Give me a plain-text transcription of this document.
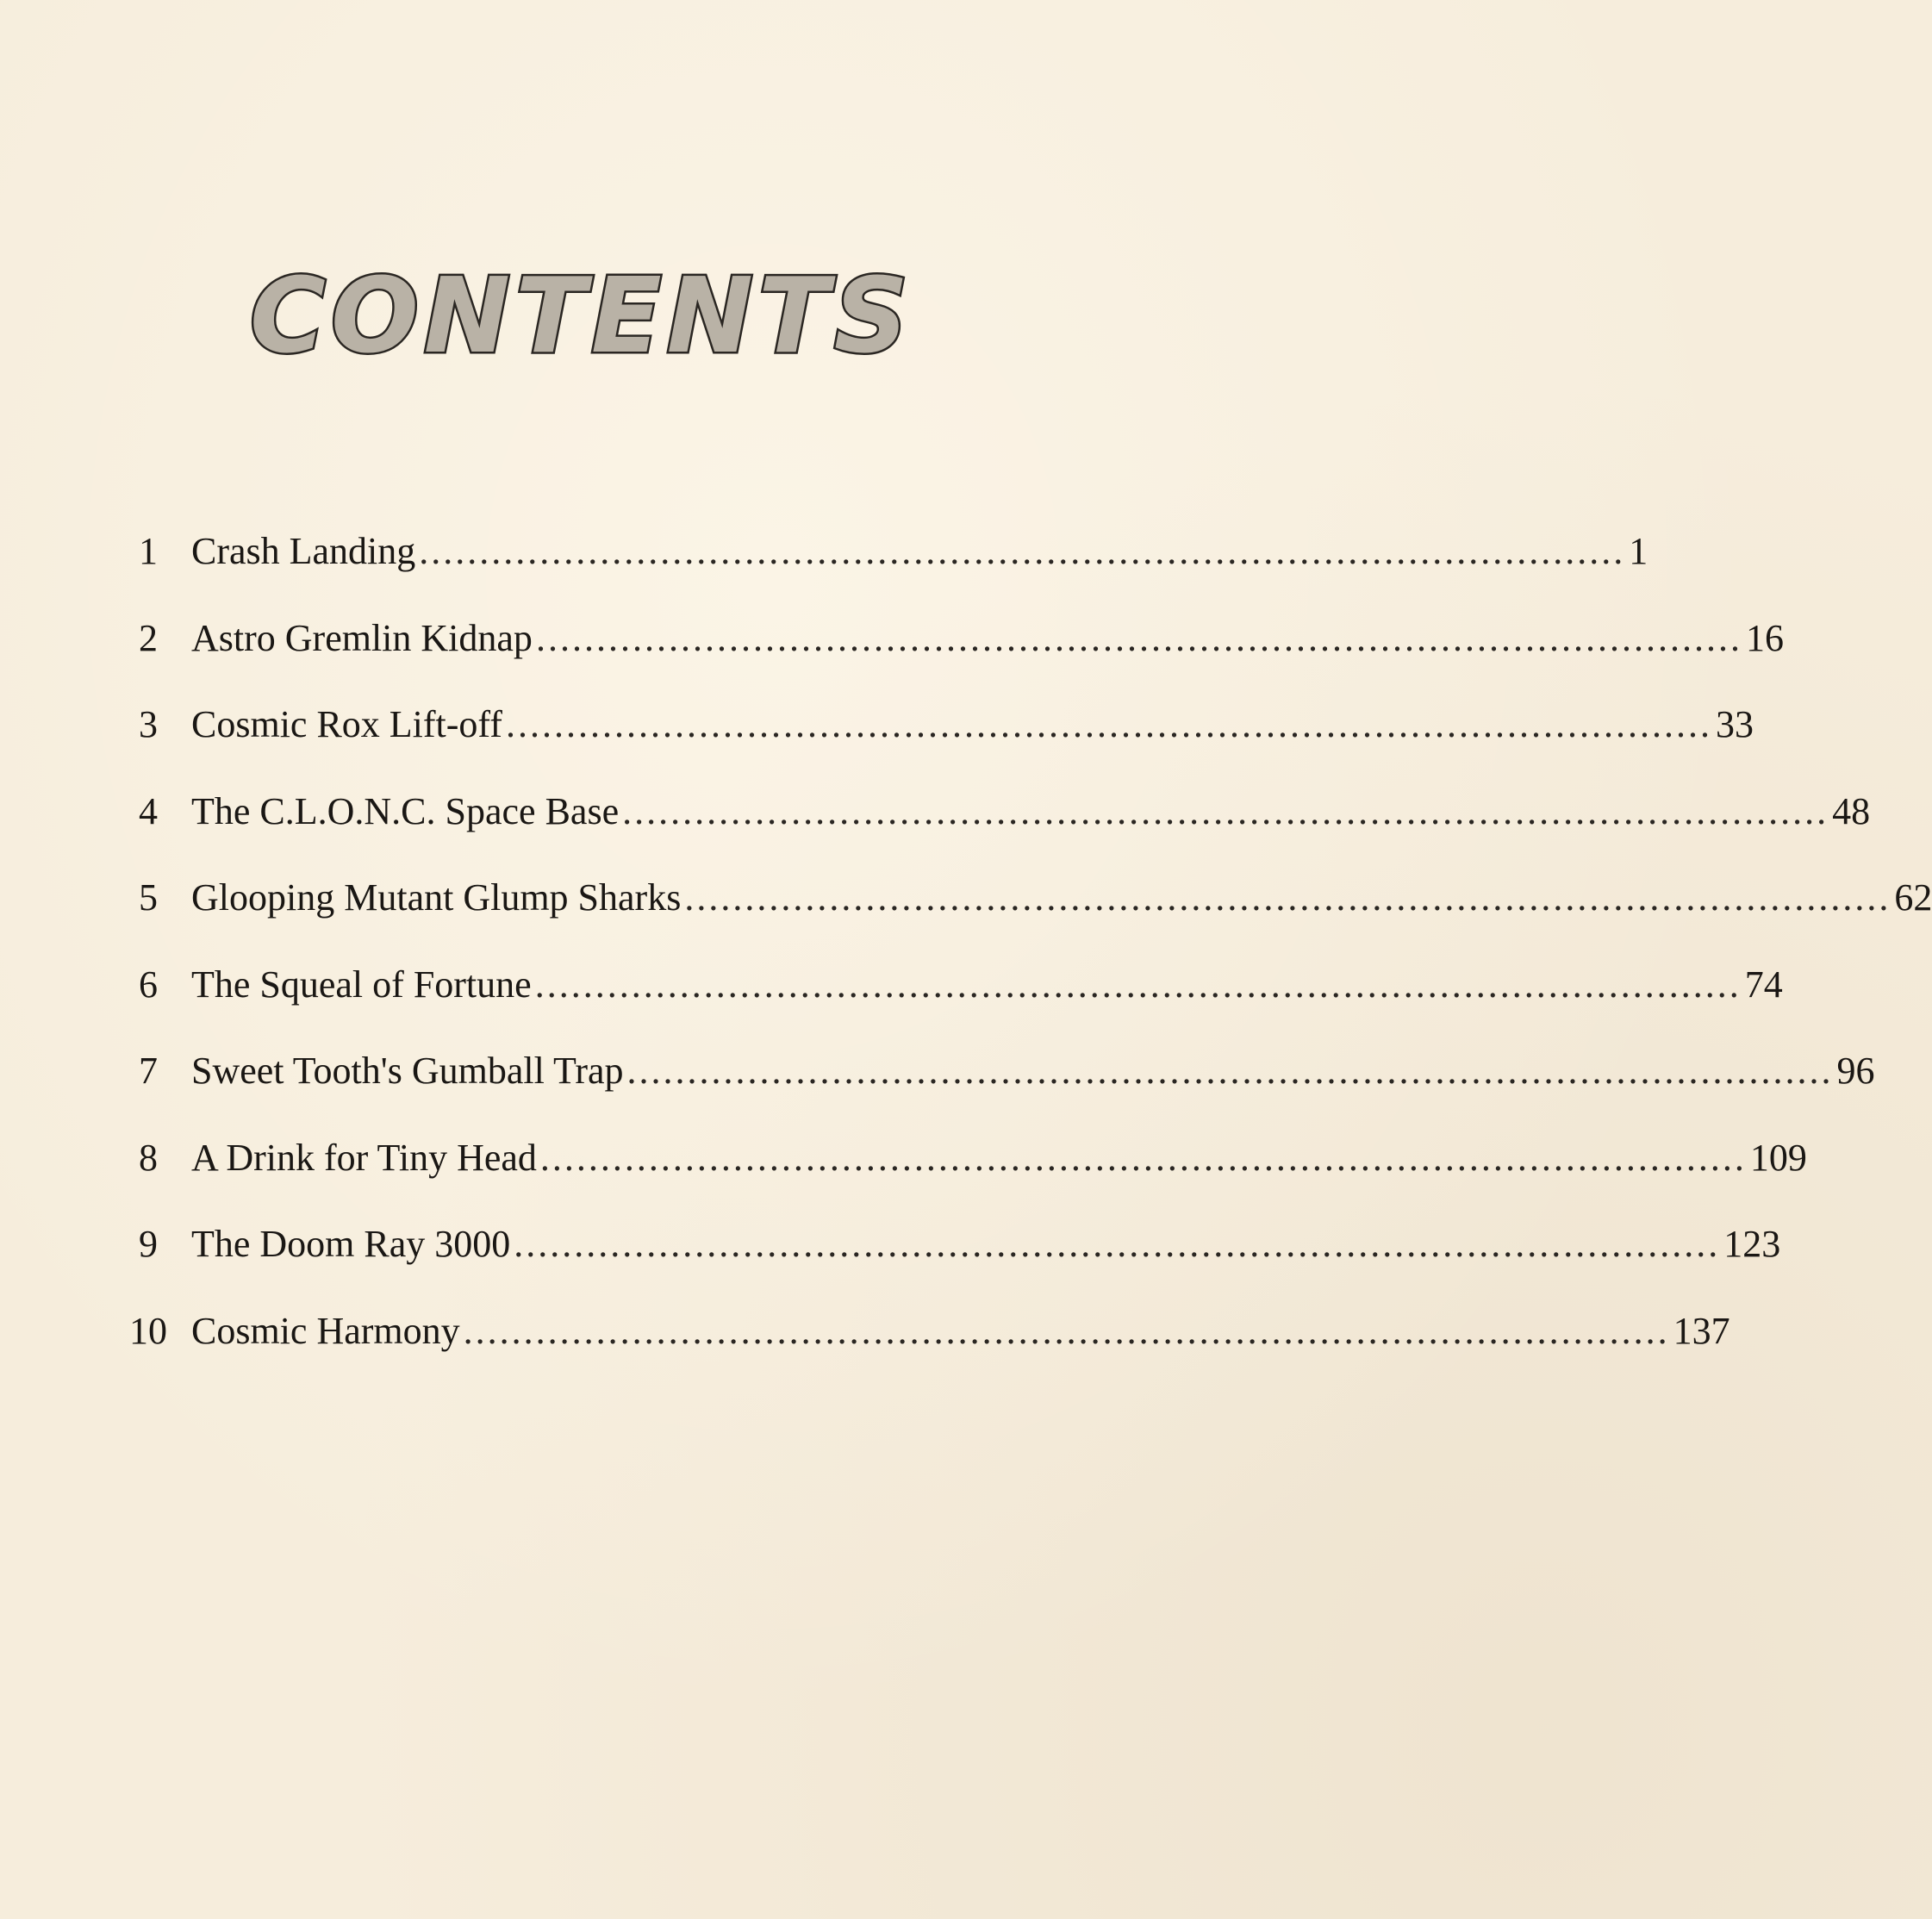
CONTENTS
1 Crash Landing .................................................................................................... 1
2 Astro Gremlin Kidnap .................................................................................................... 16
3 Cosmic Rox Lift-off .................................................................................................... 33
4 The C.L.O.N.C. Space Base .................................................................................................... 48
5 Glooping Mutant Glump Sharks .................................................................................................... 62
6 The Squeal of Fortune .................................................................................................... 74
7 Sweet Tooth's Gumball Trap .................................................................................................... 96
8 A Drink for Tiny Head .................................................................................................... 109
9 The Doom Ray 3000 .................................................................................................... 123
10 Cosmic Harmony .................................................................................................... 137
